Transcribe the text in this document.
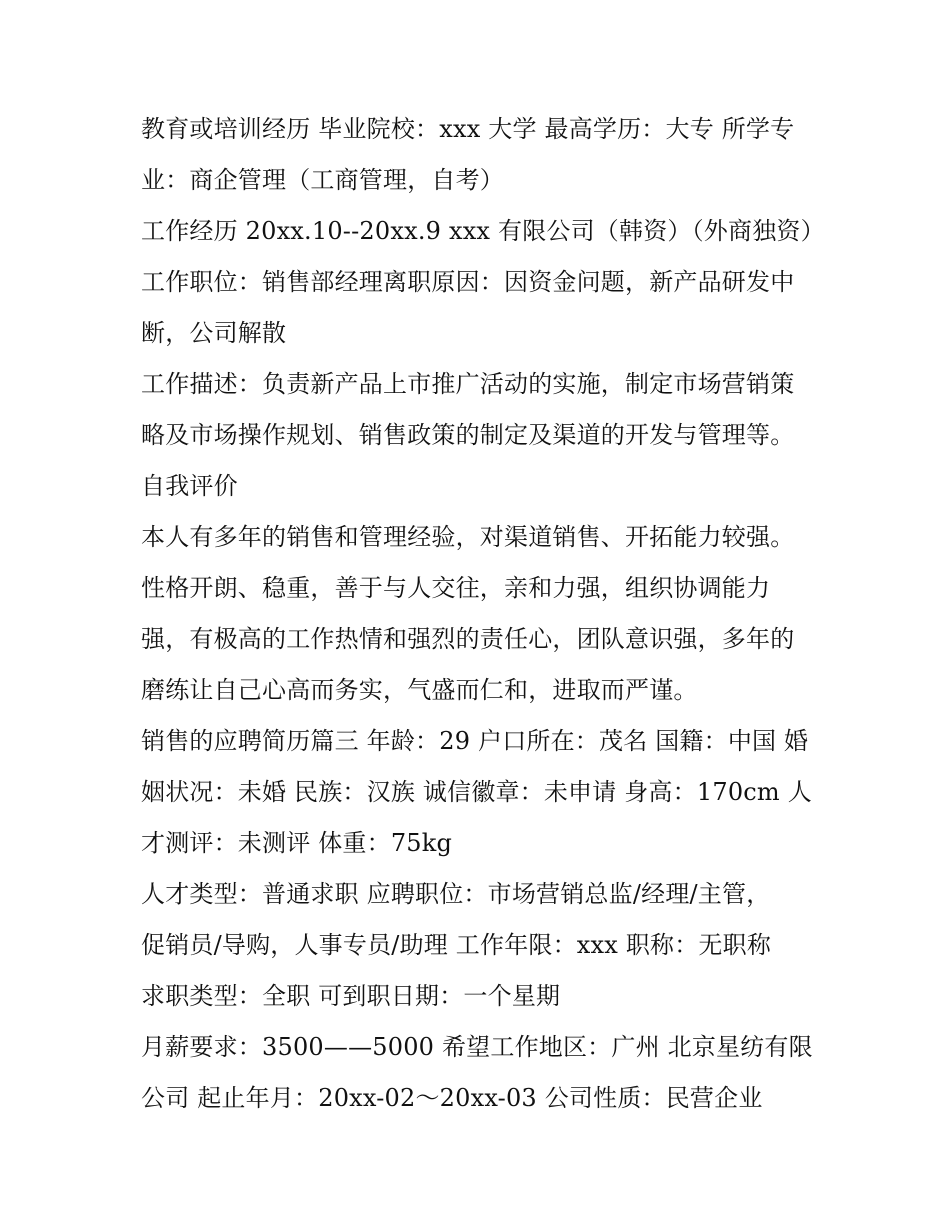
教育或培训经历 毕业院校：xxx 大学 最高学历：大专 所学专
业：商企管理（工商管理，自考）
工作经历 20xx.10--20xx.9 xxx 有限公司（韩资）（外商独资）
工作职位：销售部经理离职原因：因资金问题，新产品研发中
断，公司解散
工作描述：负责新产品上市推广活动的实施，制定市场营销策
略及市场操作规划、销售政策的制定及渠道的开发与管理等。
自我评价
本人有多年的销售和管理经验，对渠道销售、开拓能力较强。
性格开朗、稳重，善于与人交往，亲和力强，组织协调能力
强，有极高的工作热情和强烈的责任心，团队意识强，多年的
磨练让自己心高而务实，气盛而仁和，进取而严谨。
销售的应聘简历篇三 年龄：29 户口所在：茂名 国籍：中国 婚
姻状况：未婚 民族：汉族 诚信徽章：未申请 身高：170cm 人
才测评：未测评 体重：75kg
人才类型：普通求职 应聘职位：市场营销总监/经理/主管，
促销员/导购，人事专员/助理 工作年限：xxx 职称：无职称
求职类型：全职 可到职日期：一个星期
月薪要求：3500——5000 希望工作地区：广州 北京星纺有限
公司 起止年月：20xx-02～20xx-03 公司性质：民营企业
